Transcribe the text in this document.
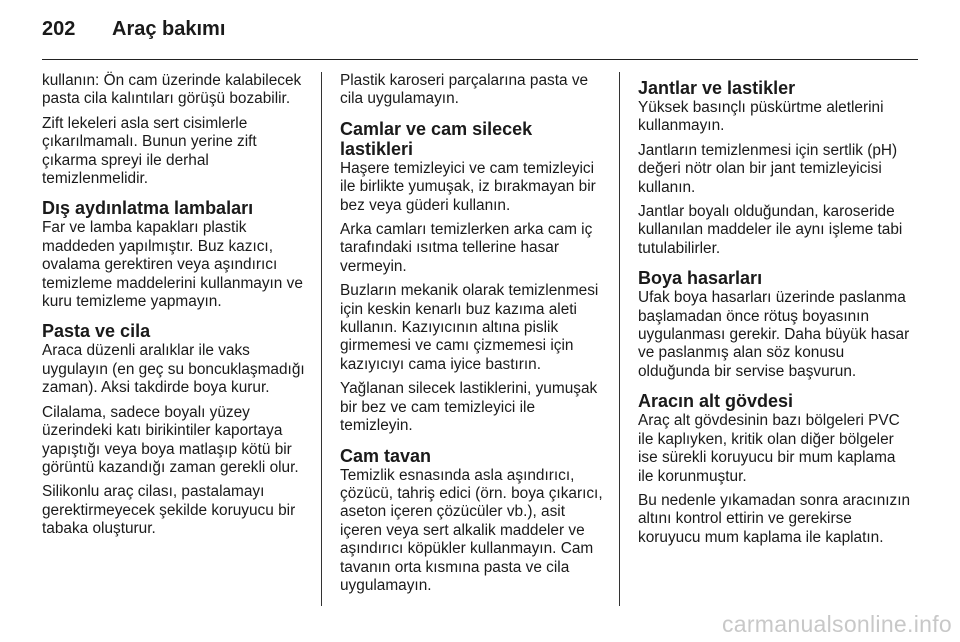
202	Araç bakımı

kullanın: Ön cam üzerinde kalabilecek pasta cila kalıntıları görüşü bozabilir.

Zift lekeleri asla sert cisimlerle çıkarılmamalı. Bunun yerine zift çıkarma spreyi ile derhal temizlenmelidir.

Dış aydınlatma lambaları

Far ve lamba kapakları plastik maddeden yapılmıştır. Buz kazıcı, ovalama gerektiren veya aşındırıcı temizleme maddelerini kullanmayın ve kuru temizleme yapmayın.

Pasta ve cila

Araca düzenli aralıklar ile vaks uygulayın (en geç su boncuklaşmadığı zaman). Aksi takdirde boya kurur.

Cilalama, sadece boyalı yüzey üzerindeki katı birikintiler kaportaya yapıştığı veya boya matlaşıp kötü bir görüntü kazandığı zaman gerekli olur.

Silikonlu araç cilası, pastalamayı gerektirmeyecek şekilde koruyucu bir tabaka oluşturur.

Plastik karoseri parçalarına pasta ve cila uygulamayın.

Camlar ve cam silecek lastikleri

Haşere temizleyici ve cam temizleyici ile birlikte yumuşak, iz bırakmayan bir bez veya güderi kullanın.

Arka camları temizlerken arka cam iç tarafındaki ısıtma tellerine hasar vermeyin.

Buzların mekanik olarak temizlenmesi için keskin kenarlı buz kazıma aleti kullanın. Kazıyıcının altına pislik girmemesi ve camı çizmemesi için kazıyıcıyı cama iyice bastırın.

Yağlanan silecek lastiklerini, yumuşak bir bez ve cam temizleyici ile temizleyin.

Cam tavan

Temizlik esnasında asla aşındırıcı, çözücü, tahriş edici (örn. boya çıkarıcı, aseton içeren çözücüler vb.), asit içeren veya sert alkalik maddeler ve aşındırıcı köpükler kullanmayın. Cam tavanın orta kısmına pasta ve cila uygulamayın.

Jantlar ve lastikler

Yüksek basınçlı püskürtme aletlerini kullanmayın.

Jantların temizlenmesi için sertlik (pH) değeri nötr olan bir jant temizleyicisi kullanın.

Jantlar boyalı olduğundan, karoseride kullanılan maddeler ile aynı işleme tabi tutulabilirler.

Boya hasarları

Ufak boya hasarları üzerinde paslanma başlamadan önce rötuş boyasının uygulanması gerekir. Daha büyük hasar ve paslanmış alan söz konusu olduğunda bir servise başvurun.

Aracın alt gövdesi

Araç alt gövdesinin bazı bölgeleri PVC ile kaplıyken, kritik olan diğer bölgeler ise sürekli koruyucu bir mum kaplama ile korunmuştur.

Bu nedenle yıkamadan sonra aracınızın altını kontrol ettirin ve gerekirse koruyucu mum kaplama ile kaplatın.

carmanualsonline.info
